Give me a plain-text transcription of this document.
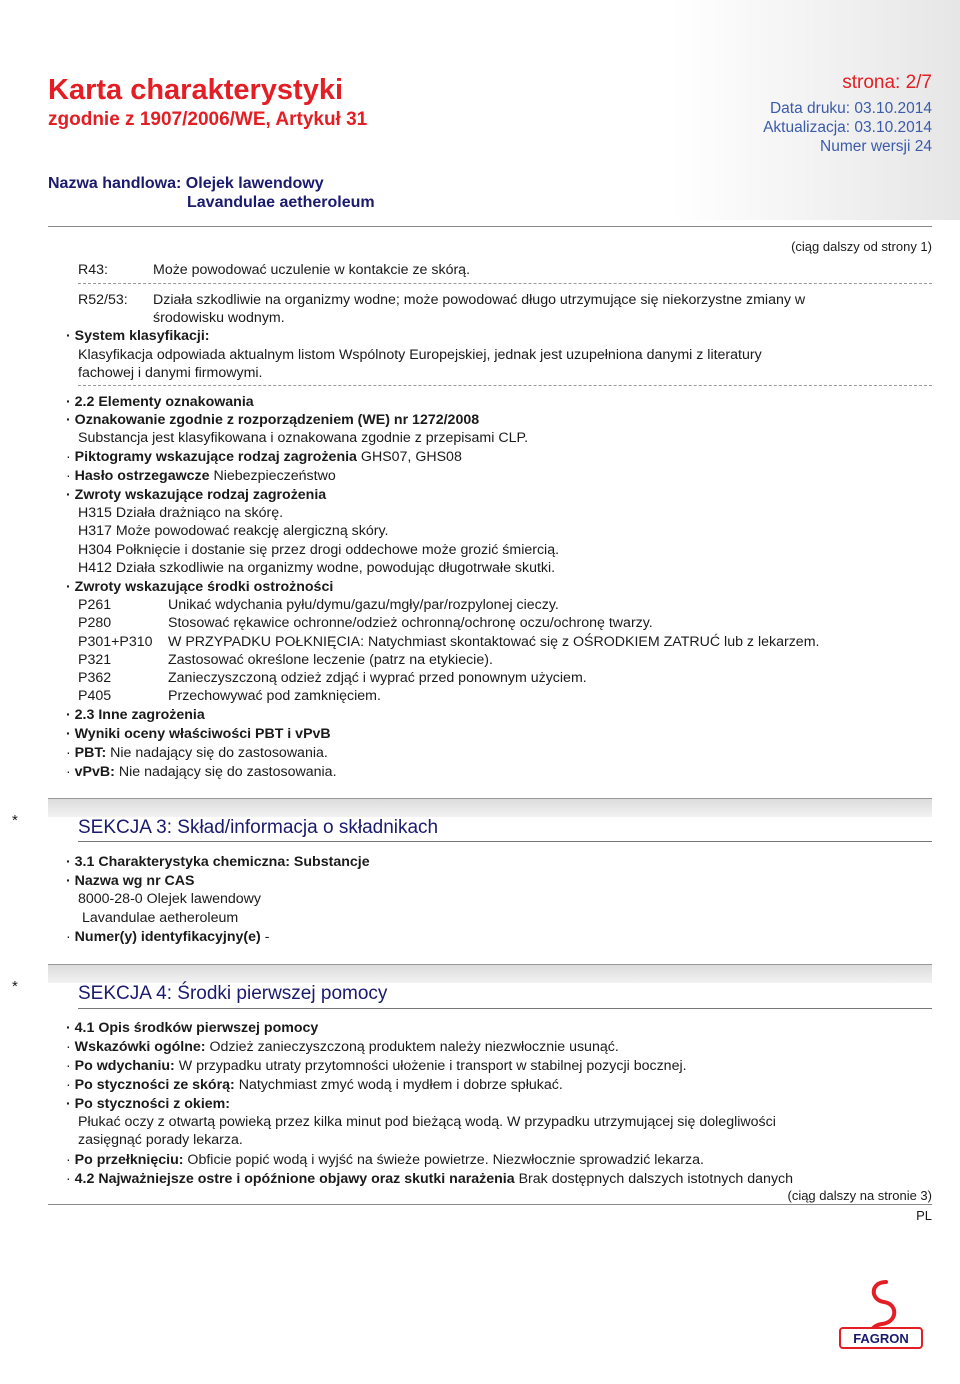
Karta charakterystyki
zgodnie z 1907/2006/WE, Artykuł 31
strona: 2/7
Data druku: 03.10.2014
Aktualizacja: 03.10.2014
Numer wersji 24
Nazwa handlowa: Olejek lawendowy
Lavandulae aetheroleum
(ciąg dalszy od strony 1)
R43:	Może powodować uczulenie w kontakcie ze skórą.
R52/53: Działa szkodliwie na organizmy wodne; może powodować długo utrzymujące się niekorzystne zmiany w
środowisku wodnym.
· System klasyfikacji:
Klasyfikacja odpowiada aktualnym listom Wspólnoty Europejskiej, jednak jest uzupełniona danymi z literatury
fachowej i danymi firmowymi.
· 2.2 Elementy oznakowania
· Oznakowanie zgodnie z rozporządzeniem (WE) nr 1272/2008
Substancja jest klasyfikowana i oznakowana zgodnie z przepisami CLP.
· Piktogramy wskazujące rodzaj zagrożenia GHS07, GHS08
· Hasło ostrzegawcze Niebezpieczeństwo
· Zwroty wskazujące rodzaj zagrożenia
H315 Działa drażniąco na skórę.
H317 Może powodować reakcję alergiczną skóry.
H304 Połknięcie i dostanie się przez drogi oddechowe może grozić śmiercią.
H412 Działa szkodliwie na organizmy wodne, powodując długotrwałe skutki.
· Zwroty wskazujące środki ostrożności
P261	Unikać wdychania pyłu/dymu/gazu/mgły/par/rozpylonej cieczy.
P280	Stosować rękawice ochronne/odzież ochronną/ochronę oczu/ochronę twarzy.
P301+P310 W PRZYPADKU POŁKNIĘCIA: Natychmiast skontaktować się z OŚRODKIEM ZATRUĆ lub z lekarzem.
P321	Zastosować określone leczenie (patrz na etykiecie).
P362	Zanieczyszczoną odzież zdjąć i wyprać przed ponownym użyciem.
P405	Przechowywać pod zamknięciem.
· 2.3 Inne zagrożenia
· Wyniki oceny właściwości PBT i vPvB
· PBT: Nie nadający się do zastosowania.
· vPvB: Nie nadający się do zastosowania.
*	SEKCJA 3: Skład/informacja o składnikach
· 3.1 Charakterystyka chemiczna: Substancje
· Nazwa wg nr CAS
8000-28-0 Olejek lawendowy
Lavandulae aetheroleum
· Numer(y) identyfikacyjny(e) -
*	SEKCJA 4: Środki pierwszej pomocy
· 4.1 Opis środków pierwszej pomocy
· Wskazówki ogólne: Odzież zanieczyszczoną produktem należy niezwłocznie usunąć.
· Po wdychaniu: W przypadku utraty przytomności ułożenie i transport w stabilnej pozycji bocznej.
· Po styczności ze skórą: Natychmiast zmyć wodą i mydłem i dobrze spłukać.
· Po styczności z okiem:
Płukać oczy z otwartą powieką przez kilka minut pod bieżącą wodą. W przypadku utrzymującej się dolegliwości
zasięgnąć porady lekarza.
· Po przełknięciu: Obficie popić wodą i wyjść na świeże powietrze. Niezwłocznie sprowadzić lekarza.
· 4.2 Najważniejsze ostre i opóźnione objawy oraz skutki narażenia Brak dostępnych dalszych istotnych danych
(ciąg dalszy na stronie 3)
PL
FAGRON
